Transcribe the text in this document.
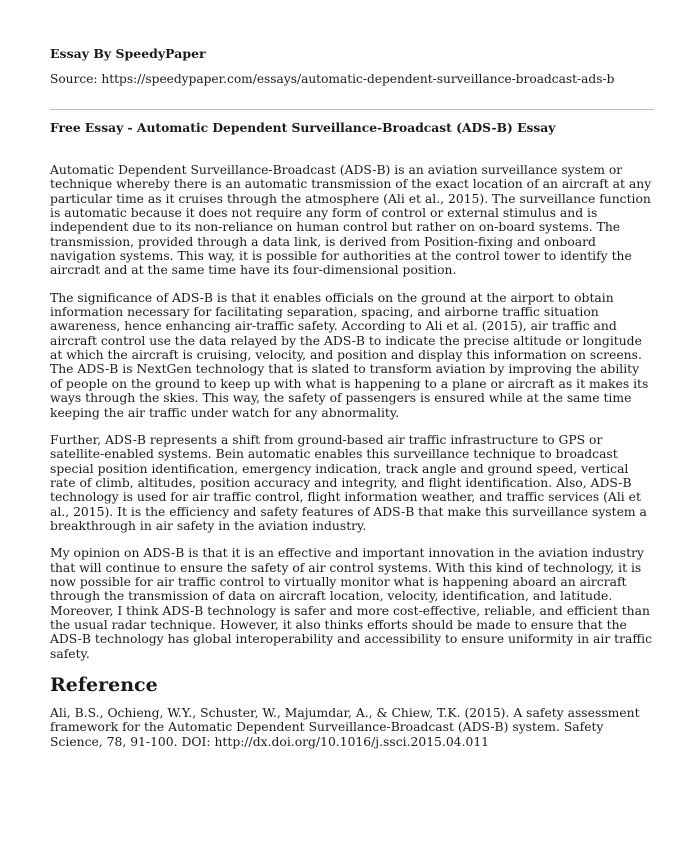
Essay By SpeedyPaper

Source: https://speedypaper.com/essays/automatic-dependent-surveillance-broadcast-ads-b

Free Essay - Automatic Dependent Surveillance-Broadcast (ADS-B) Essay

Automatic Dependent Surveillance-Broadcast (ADS-B) is an aviation surveillance system or technique whereby there is an automatic transmission of the exact location of an aircraft at any particular time as it cruises through the atmosphere (Ali et al., 2015). The surveillance function is automatic because it does not require any form of control or external stimulus and is independent due to its non-reliance on human control but rather on on-board systems. The transmission, provided through a data link, is derived from Position-fixing and onboard navigation systems. This way, it is possible for authorities at the control tower to identify the aircradt and at the same time have its four-dimensional position.

The significance of ADS-B is that it enables officials on the ground at the airport to obtain information necessary for facilitating separation, spacing, and airborne traffic situation awareness, hence enhancing air-traffic safety. According to Ali et al. (2015), air traffic and aircraft control use the data relayed by the ADS-B to indicate the precise altitude or longitude at which the aircraft is cruising, velocity, and position and display this information on screens. The ADS-B is NextGen technology that is slated to transform aviation by improving the ability of people on the ground to keep up with what is happening to a plane or aircraft as it makes its ways through the skies. This way, the safety of passengers is ensured while at the same time keeping the air traffic under watch for any abnormality.

Further, ADS-B represents a shift from ground-based air traffic infrastructure to GPS or satellite-enabled systems. Bein automatic enables this surveillance technique to broadcast special position identification, emergency indication, track angle and ground speed, vertical rate of climb, altitudes, position accuracy and integrity, and flight identification. Also, ADS-B technology is used for air traffic control, flight information weather, and traffic services (Ali et al., 2015). It is the efficiency and safety features of ADS-B that make this surveillance system a breakthrough in air safety in the aviation industry.

My opinion on ADS-B is that it is an effective and important innovation in the aviation industry that will continue to ensure the safety of air control systems. With this kind of technology, it is now possible for air traffic control to virtually monitor what is happening aboard an aircraft through the transmission of data on aircraft location, velocity, identification, and latitude. Moreover, I think ADS-B technology is safer and more cost-effective, reliable, and efficient than the usual radar technique. However, it also thinks efforts should be made to ensure that the ADS-B technology has global interoperability and accessibility to ensure uniformity in air traffic safety.

Reference

Ali, B.S., Ochieng, W.Y., Schuster, W., Majumdar, A., & Chiew, T.K. (2015). A safety assessment framework for the Automatic Dependent Surveillance-Broadcast (ADS-B) system. Safety Science, 78, 91-100. DOI: http://dx.doi.org/10.1016/j.ssci.2015.04.011
